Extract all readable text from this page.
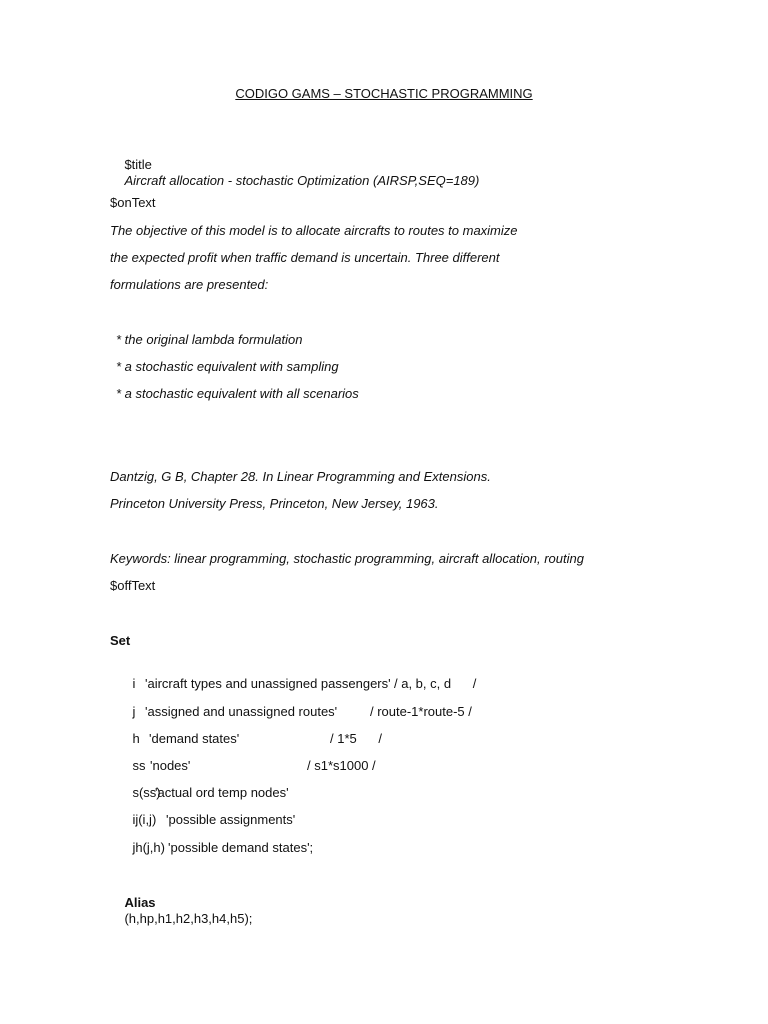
CODIGO GAMS – STOCHASTIC PROGRAMMING

$title
Aircraft allocation - stochastic Optimization (AIRSP,SEQ=189)

$onText
The objective of this model is to allocate aircrafts to routes to maximize
the expected profit when traffic demand is uncertain. Three different
formulations are presented:
* the original lambda formulation
* a stochastic equivalent with sampling
* a stochastic equivalent with all scenarios
Dantzig, G B, Chapter 28. In Linear Programming and Extensions.
Princeton University Press, Princeton, New Jersey, 1963.
Keywords: linear programming, stochastic programming, aircraft allocation, routing
$offText
Set

i 'aircraft types and unassigned passengers' / a, b, c, d      /

j 'assigned and unassigned routes'	/ route-1*route-5 /

h 'demand states'	/ 1*5      /

ss 'nodes'	/ s1*s1000 /

s(ss)
'actual ord temp nodes'

ij(i,j) 'possible assignments'

jh(j,h) 'possible demand states';

Alias
(h,hp,h1,h2,h3,h4,h5);
